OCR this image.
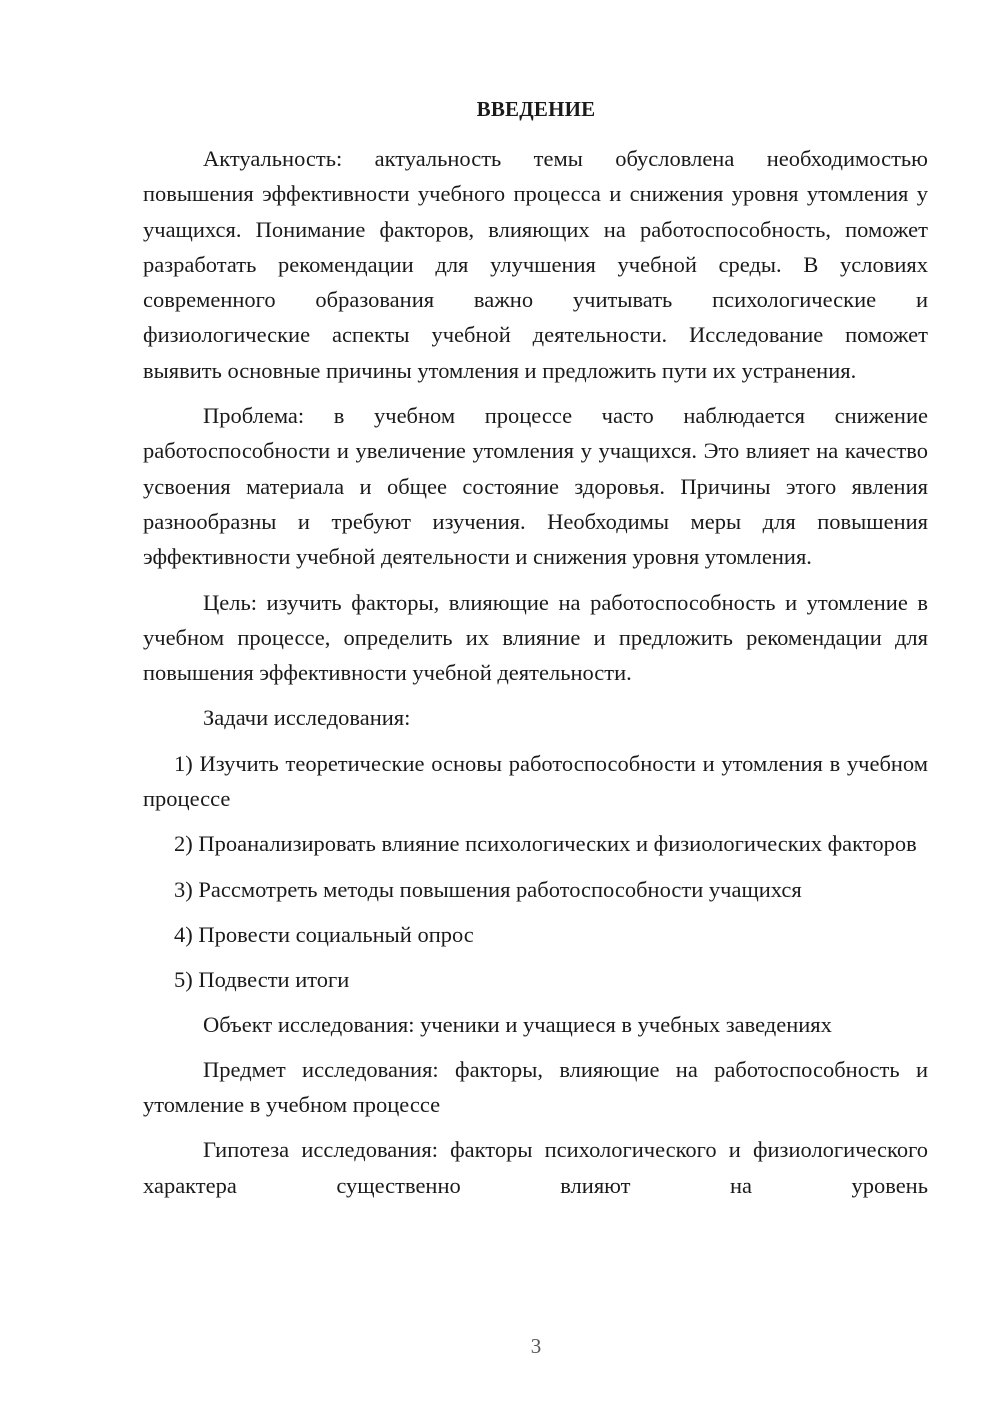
ВВЕДЕНИЕ

Актуальность: актуальность темы обусловлена необходимостью повышения эффективности учебного процесса и снижения уровня утомления у учащихся. Понимание факторов, влияющих на работоспособность, поможет разработать рекомендации для улучшения учебной среды. В условиях современного образования важно учитывать психологические и физиологические аспекты учебной деятельности. Исследование поможет выявить основные причины утомления и предложить пути их устранения.

Проблема: в учебном процессе часто наблюдается снижение работоспособности и увеличение утомления у учащихся. Это влияет на качество усвоения материала и общее состояние здоровья. Причины этого явления разнообразны и требуют изучения. Необходимы меры для повышения эффективности учебной деятельности и снижения уровня утомления.

Цель: изучить факторы, влияющие на работоспособность и утомление в учебном процессе, определить их влияние и предложить рекомендации для повышения эффективности учебной деятельности.

Задачи исследования:

1) Изучить теоретические основы работоспособности и утомления в учебном процессе

2) Проанализировать влияние психологических и физиологических факторов

3) Рассмотреть методы повышения работоспособности учащихся

4) Провести социальный опрос

5) Подвести итоги

Объект исследования: ученики и учащиеся в учебных заведениях

Предмет исследования: факторы, влияющие на работоспособность и утомление в учебном процессе

Гипотеза исследования: факторы психологического и физиологического характера существенно влияют на уровень

3
